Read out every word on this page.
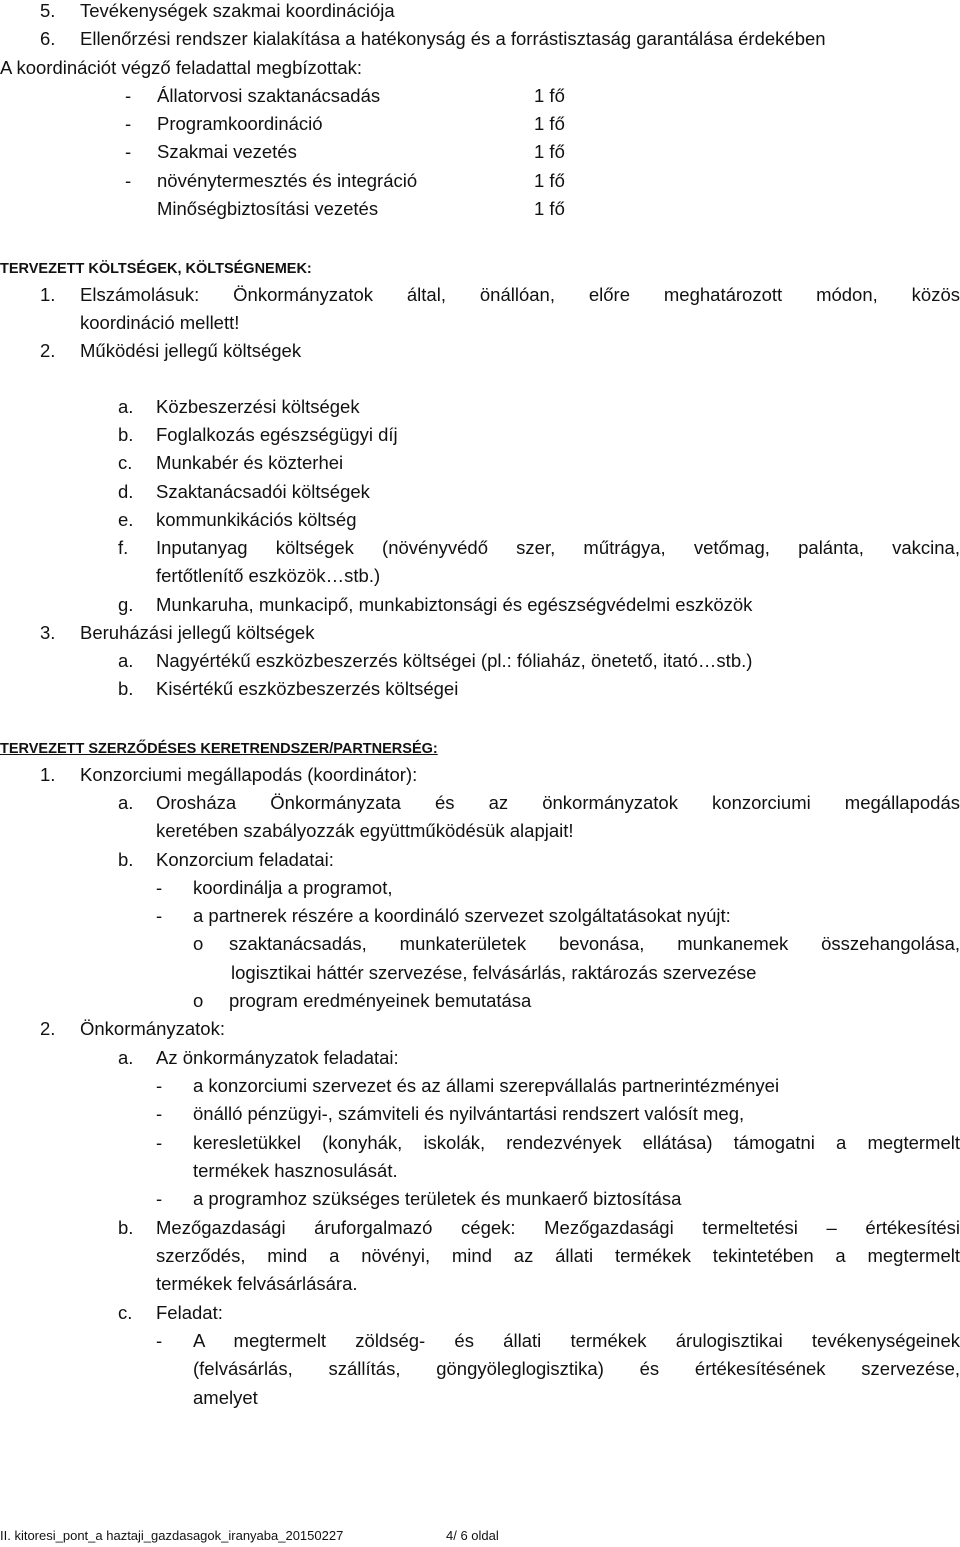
5. Tevékenységek szakmai koordinációja
6. Ellenőrzési rendszer kialakítása a hatékonyság és a forrástisztaság garantálása érdekében
A koordinációt végző feladattal megbízottak:
- Állatorvosi szaktanácsadás	1 fő
- Programkoordináció	1 fő
- Szakmai vezetés	1 fő
- növénytermesztés és integráció	1 fő
Minőségbiztosítási vezetés	1 fő
TERVEZETT KÖLTSÉGEK, KÖLTSÉGNEMEK:
1. Elszámolásuk: Önkormányzatok által, önállóan, előre meghatározott módon, közös
koordináció mellett!
2. Működési jellegű költségek
a. Közbeszerzési költségek
b. Foglalkozás egészségügyi díj
c. Munkabér és közterhei
d. Szaktanácsadói költségek
e. kommunkikációs költség
f. Inputanyag költségek (növényvédő szer, műtrágya, vetőmag, palánta, vakcina,
fertőtlenítő eszközök…stb.)
g. Munkaruha, munkacipő, munkabiztonsági és egészségvédelmi eszközök
3. Beruházási jellegű költségek
a. Nagyértékű eszközbeszerzés költségei (pl.: fóliaház, önetető, itató…stb.)
b. Kisértékű eszközbeszerzés költségei
TERVEZETT SZERZŐDÉSES KERETRENDSZER/PARTNERSÉG:
1. Konzorciumi megállapodás (koordinátor):
a. Orosháza Önkormányzata és az önkormányzatok konzorciumi megállapodás
keretében szabályozzák együttműködésük alapjait!
b. Konzorcium feladatai:
- koordinálja a programot,
- a partnerek részére a koordináló szervezet szolgáltatásokat nyújt:
o szaktanácsadás, munkaterületek bevonása, munkanemek összehangolása,
logisztikai háttér szervezése, felvásárlás, raktározás szervezése
o program eredményeinek bemutatása
2. Önkormányzatok:
a. Az önkormányzatok feladatai:
- a konzorciumi szervezet és az állami szerepvállalás partnerintézményei
- önálló pénzügyi-, számviteli és nyilvántartási rendszert valósít meg,
- keresletükkel (konyhák, iskolák, rendezvények ellátása) támogatni a megtermelt
termékek hasznosulását.
- a programhoz szükséges területek és munkaerő biztosítása
b. Mezőgazdasági áruforgalmazó cégek: Mezőgazdasági termeltetési – értékesítési
szerződés, mind a növényi, mind az állati termékek tekintetében a megtermelt
termékek felvásárlására.
c. Feladat:
- A megtermelt zöldség- és állati termékek árulogisztikai tevékenységeinek
(felvásárlás, szállítás, göngyöleglogisztika) és értékesítésének szervezése,
amelyet
II. kitoresi_pont_a haztaji_gazdasagok_iranyaba_20150227	4/ 6 oldal
